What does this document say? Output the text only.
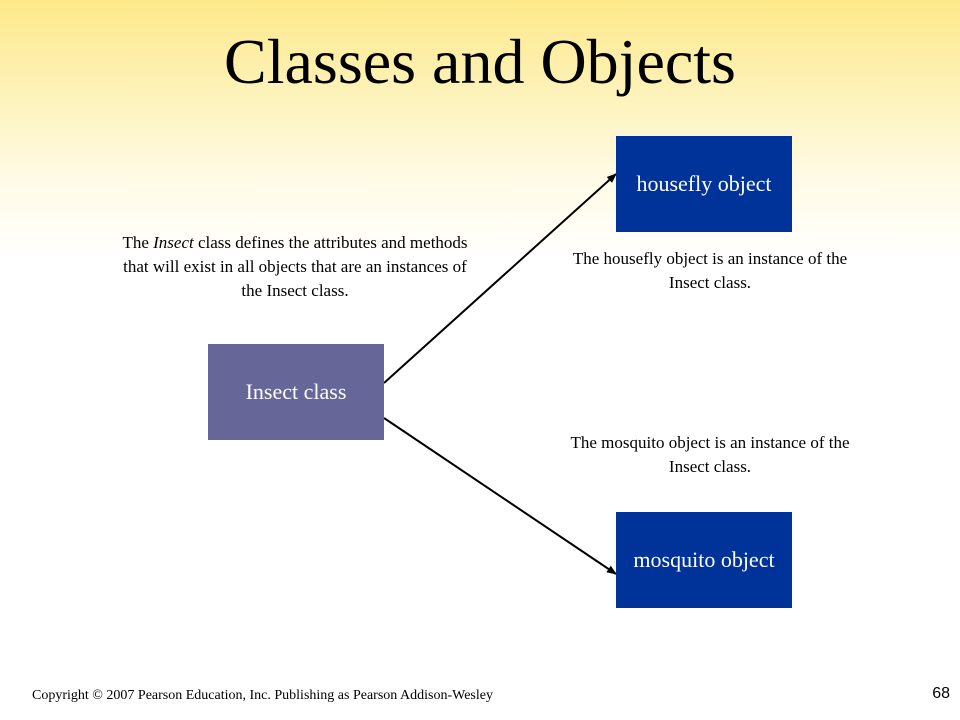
Classes and Objects

The Insect class defines the attributes and methods that will exist in all objects that are an instances of the Insect class.

The housefly object is an instance of the Insect class.

The mosquito object is an instance of the Insect class.

Insect class
housefly object
mosquito object
Copyright © 2007 Pearson Education, Inc. Publishing as Pearson Addison-Wesley	68
